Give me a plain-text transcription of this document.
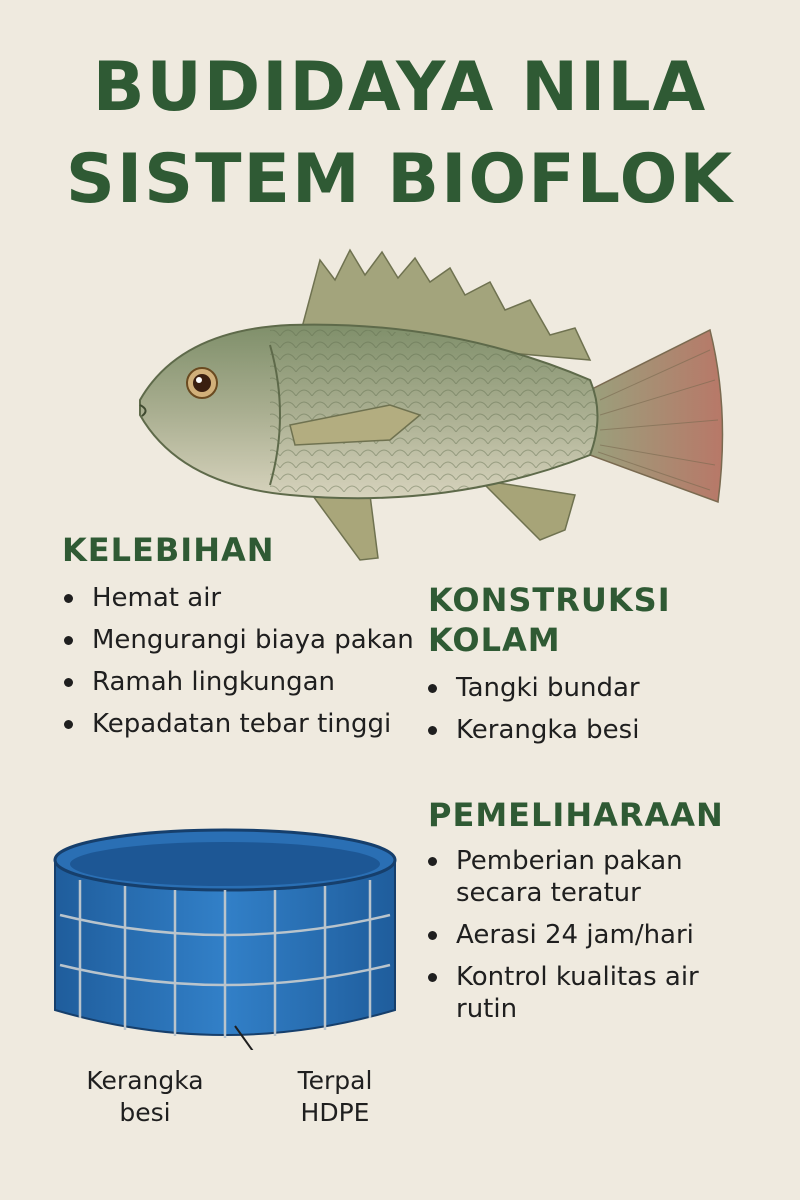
BUDIDAYA NILA
SISTEM BIOFLOK
KELEBIHAN
Hemat air
Mengurangi biaya pakan
Ramah lingkungan
Kepadatan tebar tinggi
KONSTRUKSI
KOLAM
Tangki bundar
Kerangka besi
PEMELIHARAAN
Pemberian pakan secara teratur
Aerasi 24 jam/hari
Kontrol kualitas air rutin

Kerangka

besi

Terpal

HDPE
